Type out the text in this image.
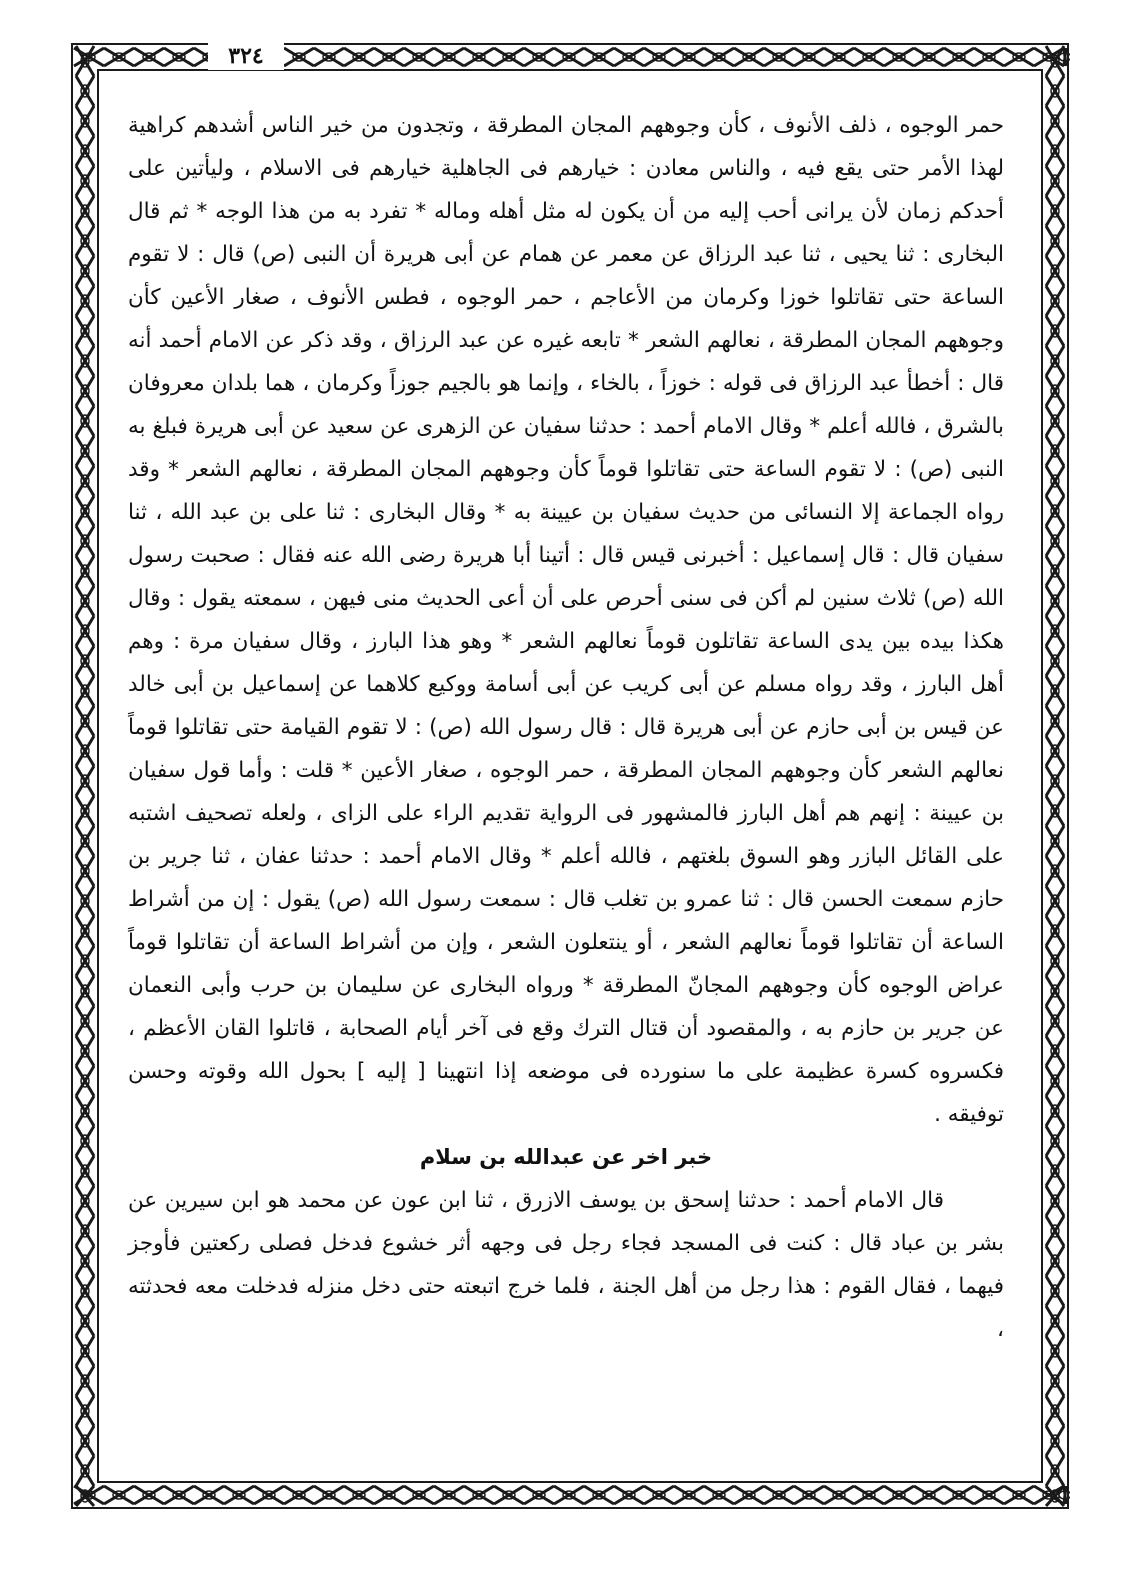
٣٢٤

حمر الوجوه ، ذلف الأنوف ، كأن وجوههم المجان المطرقة ، وتجدون من خير الناس أشدهم كراهية لهذا الأمر حتى يقع فيه ، والناس معادن : خيارهم فى الجاهلية خيارهم فى الاسلام ، وليأتين على أحدكم زمان لأن يرانى أحب إليه من أن يكون له مثل أهله وماله * تفرد به من هذا الوجه * ثم قال البخارى : ثنا يحيى ، ثنا عبد الرزاق عن معمر عن همام عن أبى هريرة أن النبى (ص) قال : لا تقوم الساعة حتى تقاتلوا خوزا وكرمان من الأعاجم ، حمر الوجوه ، فطس الأنوف ، صغار الأعين كأن وجوههم المجان المطرقة ، نعالهم الشعر * تابعه غيره عن عبد الرزاق ، وقد ذكر عن الامام أحمد أنه قال : أخطأ عبد الرزاق فى قوله : خوزاً ، بالخاء ، وإنما هو بالجيم جوزاً وكرمان ، هما بلدان معروفان بالشرق ، فالله أعلم * وقال الامام أحمد : حدثنا سفيان عن الزهرى عن سعيد عن أبى هريرة فبلغ به النبى (ص) : لا تقوم الساعة حتى تقاتلوا قوماً كأن وجوههم المجان المطرقة ، نعالهم الشعر * وقد رواه الجماعة إلا النسائى من حديث سفيان بن عيينة به * وقال البخارى : ثنا على بن عبد الله ، ثنا سفيان قال : قال إسماعيل : أخبرنى قيس قال : أتينا أبا هريرة رضى الله عنه فقال : صحبت رسول الله (ص) ثلاث سنين لم أكن فى سنى أحرص على أن أعى الحديث منى فيهن ، سمعته يقول : وقال هكذا بيده بين يدى الساعة تقاتلون قوماً نعالهم الشعر * وهو هذا البارز ، وقال سفيان مرة : وهم أهل البارز ، وقد رواه مسلم عن أبى كريب عن أبى أسامة ووكيع كلاهما عن إسماعيل بن أبى خالد عن قيس بن أبى حازم عن أبى هريرة قال : قال رسول الله (ص) : لا تقوم القيامة حتى تقاتلوا قوماً نعالهم الشعر كأن وجوههم المجان المطرقة ، حمر الوجوه ، صغار الأعين * قلت : وأما قول سفيان بن عيينة : إنهم هم أهل البارز فالمشهور فى الرواية تقديم الراء على الزاى ، ولعله تصحيف اشتبه على القائل البازر وهو السوق بلغتهم ، فالله أعلم * وقال الامام أحمد : حدثنا عفان ، ثنا جرير بن حازم سمعت الحسن قال : ثنا عمرو بن تغلب قال : سمعت رسول الله (ص) يقول : إن من أشراط الساعة أن تقاتلوا قوماً نعالهم الشعر ، أو ينتعلون الشعر ، وإن من أشراط الساعة أن تقاتلوا قوماً عراض الوجوه كأن وجوههم المجانّ المطرقة * ورواه البخارى عن سليمان بن حرب وأبى النعمان عن جرير بن حازم به ، والمقصود أن قتال الترك وقع فى آخر أيام الصحابة ، قاتلوا القان الأعظم ، فكسروه كسرة عظيمة على ما سنورده فى موضعه إذا انتهينا [ إليه ] بحول الله وقوته وحسن توفيقه .

خبر اخر عن عبدالله بن سلام

قال الامام أحمد : حدثنا إسحق بن يوسف الازرق ، ثنا ابن عون عن محمد هو ابن سيرين عن بشر بن عباد قال : كنت فى المسجد فجاء رجل فى وجهه أثر خشوع فدخل فصلى ركعتين فأوجز فيهما ، فقال القوم : هذا رجل من أهل الجنة ، فلما خرج اتبعته حتى دخل منزله فدخلت معه فحدثته ،
